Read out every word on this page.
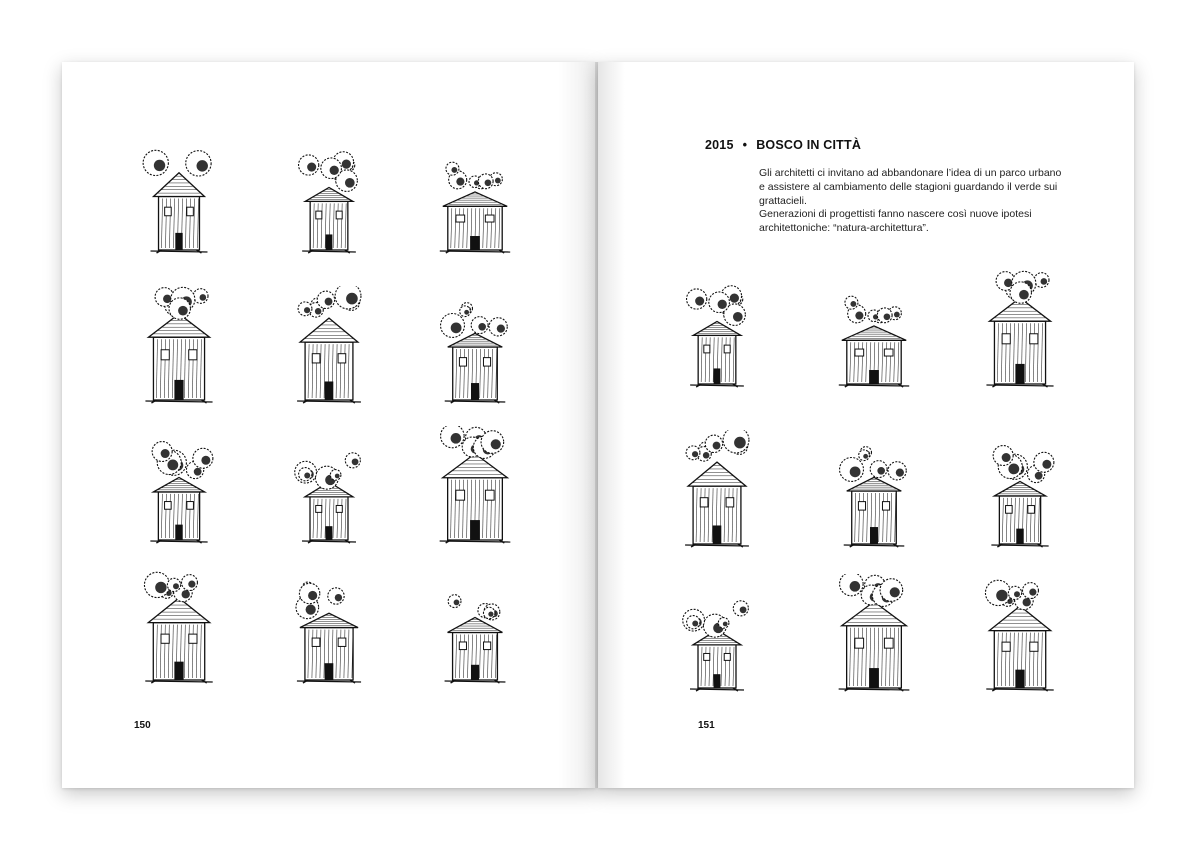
150
2015 • BOSCO IN CITTÀ

Gli architetti ci invitano ad abbandonare l’idea di un parco urbano e assistere al cambiamento delle stagioni guardando il verde sui grattacieli.

Generazioni di progettisti fanno nascere così nuove ipotesi architettoniche: “natura-architettura”.

151
